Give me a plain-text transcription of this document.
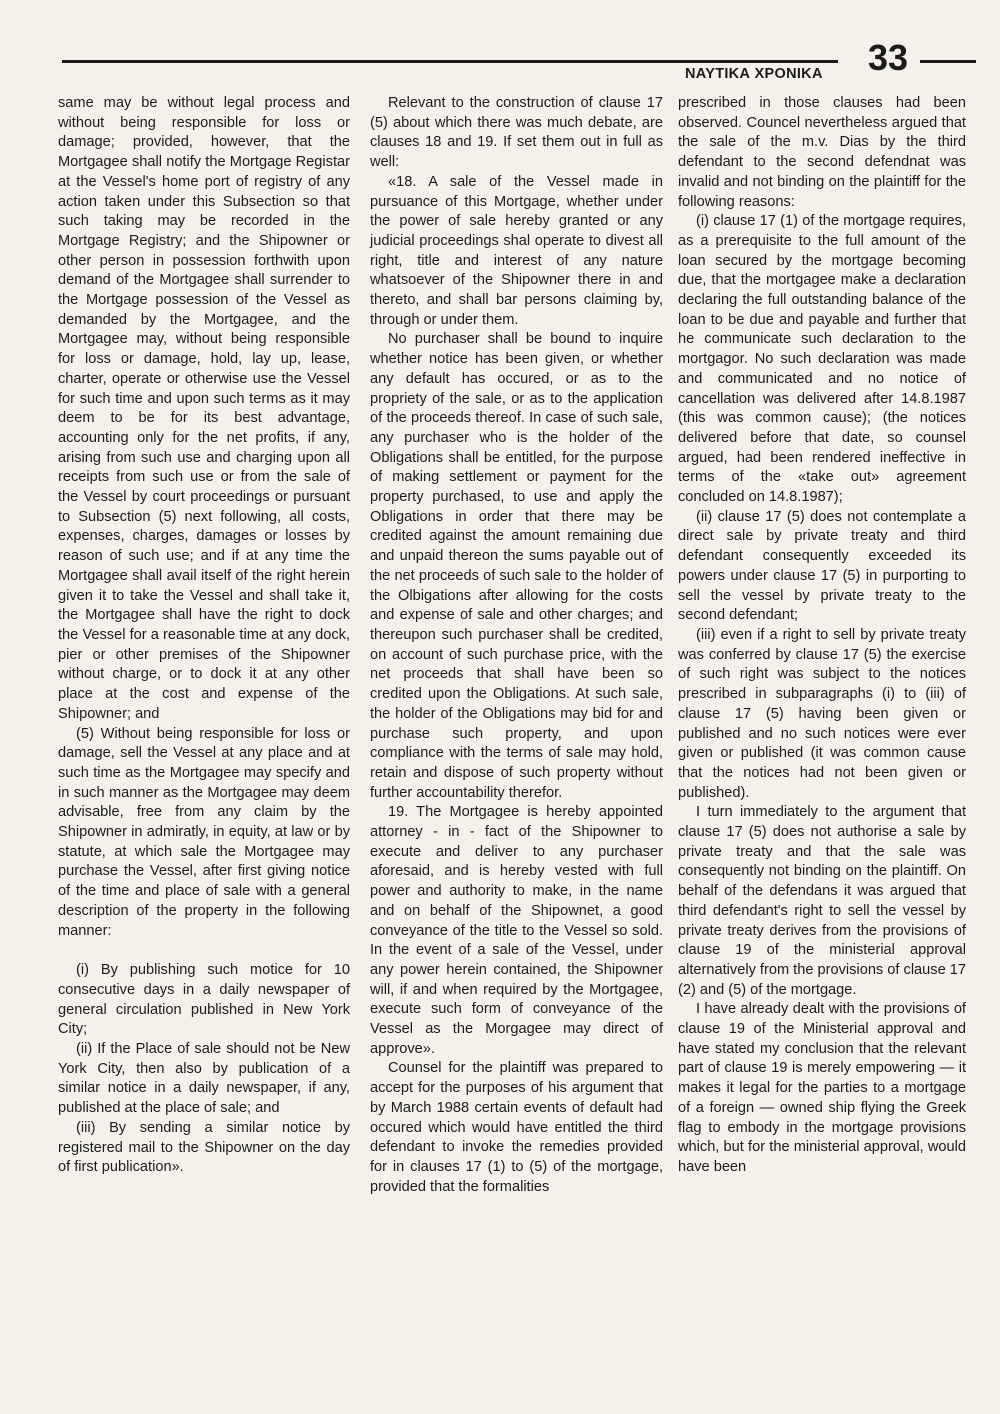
ΝΑΥΤΙΚΑ ΧΡΟΝΙΚΑ 33

same may be without legal process and without being responsible for loss or damage; provided, however, that the Mortgagee shall notify the Mortgage Registar at the Vessel's home port of registry of any action taken under this Subsection so that such taking may be recorded in the Mortgage Registry; and the Shipowner or other person in possession forthwith upon demand of the Mortgagee shall surrender to the Mortgage possession of the Vessel as demanded by the Mortgagee, and the Mortgagee may, without being responsible for loss or damage, hold, lay up, lease, charter, operate or otherwise use the Vessel for such time and upon such terms as it may deem to be for its best advantage, accounting only for the net profits, if any, arising from such use and charging upon all receipts from such use or from the sale of the Vessel by court proceedings or pursuant to Subsection (5) next following, all costs, expenses, charges, damages or losses by reason of such use; and if at any time the Mortgagee shall avail itself of the right herein given it to take the Vessel and shall take it, the Mortgagee shall have the right to dock the Vessel for a reasonable time at any dock, pier or other premises of the Shipowner without charge, or to dock it at any other place at the cost and expense of the Shipowner; and

(5) Without being responsible for loss or damage, sell the Vessel at any place and at such time as the Mortgagee may specify and in such manner as the Mortgagee may deem advisable, free from any claim by the Shipowner in admiratly, in equity, at law or by statute, at which sale the Mortgagee may purchase the Vessel, after first giving notice of the time and place of sale with a general description of the property in the following manner:

(i) By publishing such motice for 10 consecutive days in a daily newspaper of general circulation published in New York City;

(ii) If the Place of sale should not be New York City, then also by publication of a similar notice in a daily newspaper, if any, published at the place of sale; and

(iii) By sending a similar notice by registered mail to the Shipowner on the day of first publication».

Relevant to the construction of clause 17 (5) about which there was much debate, are clauses 18 and 19. If set them out in full as well:

«18. A sale of the Vessel made in pursuance of this Mortgage, whether under the power of sale hereby granted or any judicial proceedings shal operate to divest all right, title and interest of any nature whatsoever of the Shipowner there in and thereto, and shall bar persons claiming by, through or under them.

No purchaser shall be bound to inquire whether notice has been given, or whether any default has occured, or as to the propriety of the sale, or as to the application of the proceeds thereof. In case of such sale, any purchaser who is the holder of the Obligations shall be entitled, for the purpose of making settlement or payment for the property purchased, to use and apply the Obligations in order that there may be credited against the amount remaining due and unpaid thereon the sums payable out of the net proceeds of such sale to the holder of the Olbigations after allowing for the costs and expense of sale and other charges; and thereupon such purchaser shall be credited, on account of such purchase price, with the net proceeds that shall have been so credited upon the Obligations. At such sale, the holder of the Obligations may bid for and purchase such property, and upon compliance with the terms of sale may hold, retain and dispose of such property without further accountability therefor.

19. The Mortgagee is hereby appointed attorney - in - fact of the Shipowner to execute and deliver to any purchaser aforesaid, and is hereby vested with full power and authority to make, in the name and on behalf of the Shipownet, a good conveyance of the title to the Vessel so sold. In the event of a sale of the Vessel, under any power herein contained, the Shipowner will, if and when required by the Mortgagee, execute such form of conveyance of the Vessel as the Morgagee may direct of approve».

Counsel for the plaintiff was prepared to accept for the purposes of his argument that by March 1988 certain events of default had occured which would have entitled the third defendant to invoke the remedies provided for in clauses 17 (1) to (5) of the mortgage, provided that the formalities

prescribed in those clauses had been observed. Councel nevertheless argued that the sale of the m.v. Dias by the third defendant to the second defendnat was invalid and not binding on the plaintiff for the following reasons:

(i) clause 17 (1) of the mortgage requires, as a prerequisite to the full amount of the loan secured by the mortgage becoming due, that the mortgagee make a declaration declaring the full outstanding balance of the loan to be due and payable and further that he communicate such declaration to the mortgagor. No such declaration was made and communicated and no notice of cancellation was delivered after 14.8.1987 (this was common cause); (the notices delivered before that date, so counsel argued, had been rendered ineffective in terms of the «take out» agreement concluded on 14.8.1987);

(ii) clause 17 (5) does not contemplate a direct sale by private treaty and third defendant consequently exceeded its powers under clause 17 (5) in purporting to sell the vessel by private treaty to the second defendant;

(iii) even if a right to sell by private treaty was conferred by clause 17 (5) the exercise of such right was subject to the notices prescribed in subparagraphs (i) to (iii) of clause 17 (5) having been given or published and no such notices were ever given or published (it was common cause that the notices had not been given or published).

I turn immediately to the argument that clause 17 (5) does not authorise a sale by private treaty and that the sale was consequently not binding on the plaintiff. On behalf of the defendans it was argued that third defendant's right to sell the vessel by private treaty derives from the provisions of clause 19 of the ministerial approval alternatively from the provisions of clause 17 (2) and (5) of the mortgage.

I have already dealt with the provisions of clause 19 of the Ministerial approval and have stated my conclusion that the relevant part of clause 19 is merely empowering — it makes it legal for the parties to a mortgage of a foreign — owned ship flying the Greek flag to embody in the mortgage provisions which, but for the ministerial approval, would have been
